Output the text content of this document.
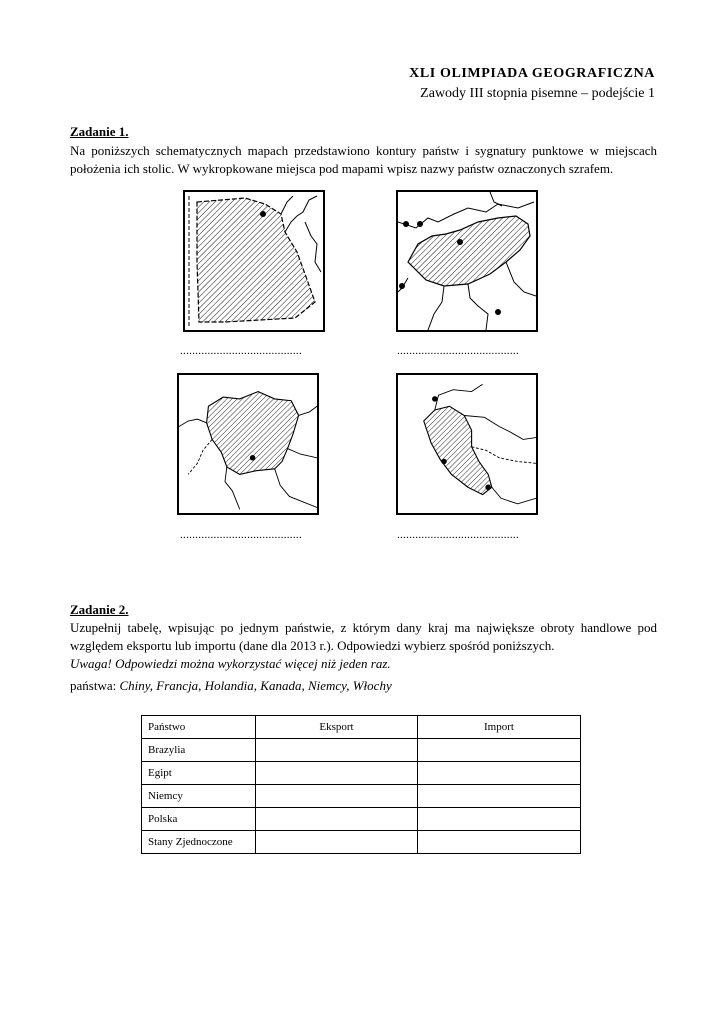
XLI OLIMPIADA GEOGRAFICZNA
Zawody III stopnia pisemne – podejście 1
Zadanie 1.
Na poniższych schematycznych mapach przedstawiono kontury państw i sygnatury punktowe w miejscach położenia ich stolic. W wykropkowane miejsca pod mapami wpisz nazwy państw oznaczonych szrafem.
........................................	........................................
........................................	........................................
Zadanie 2.
Uzupełnij tabelę, wpisując po jednym państwie, z którym dany kraj ma największe obroty handlowe pod względem eksportu lub importu (dane dla 2013 r.). Odpowiedzi wybierz spośród poniższych.
Uwaga! Odpowiedzi można wykorzystać więcej niż jeden raz.
państwa: Chiny, Francja, Holandia, Kanada, Niemcy, Włochy
Państwo	Eksport	Import
Brazylia		
Egipt		
Niemcy		
Polska		
Stany Zjednoczone		
